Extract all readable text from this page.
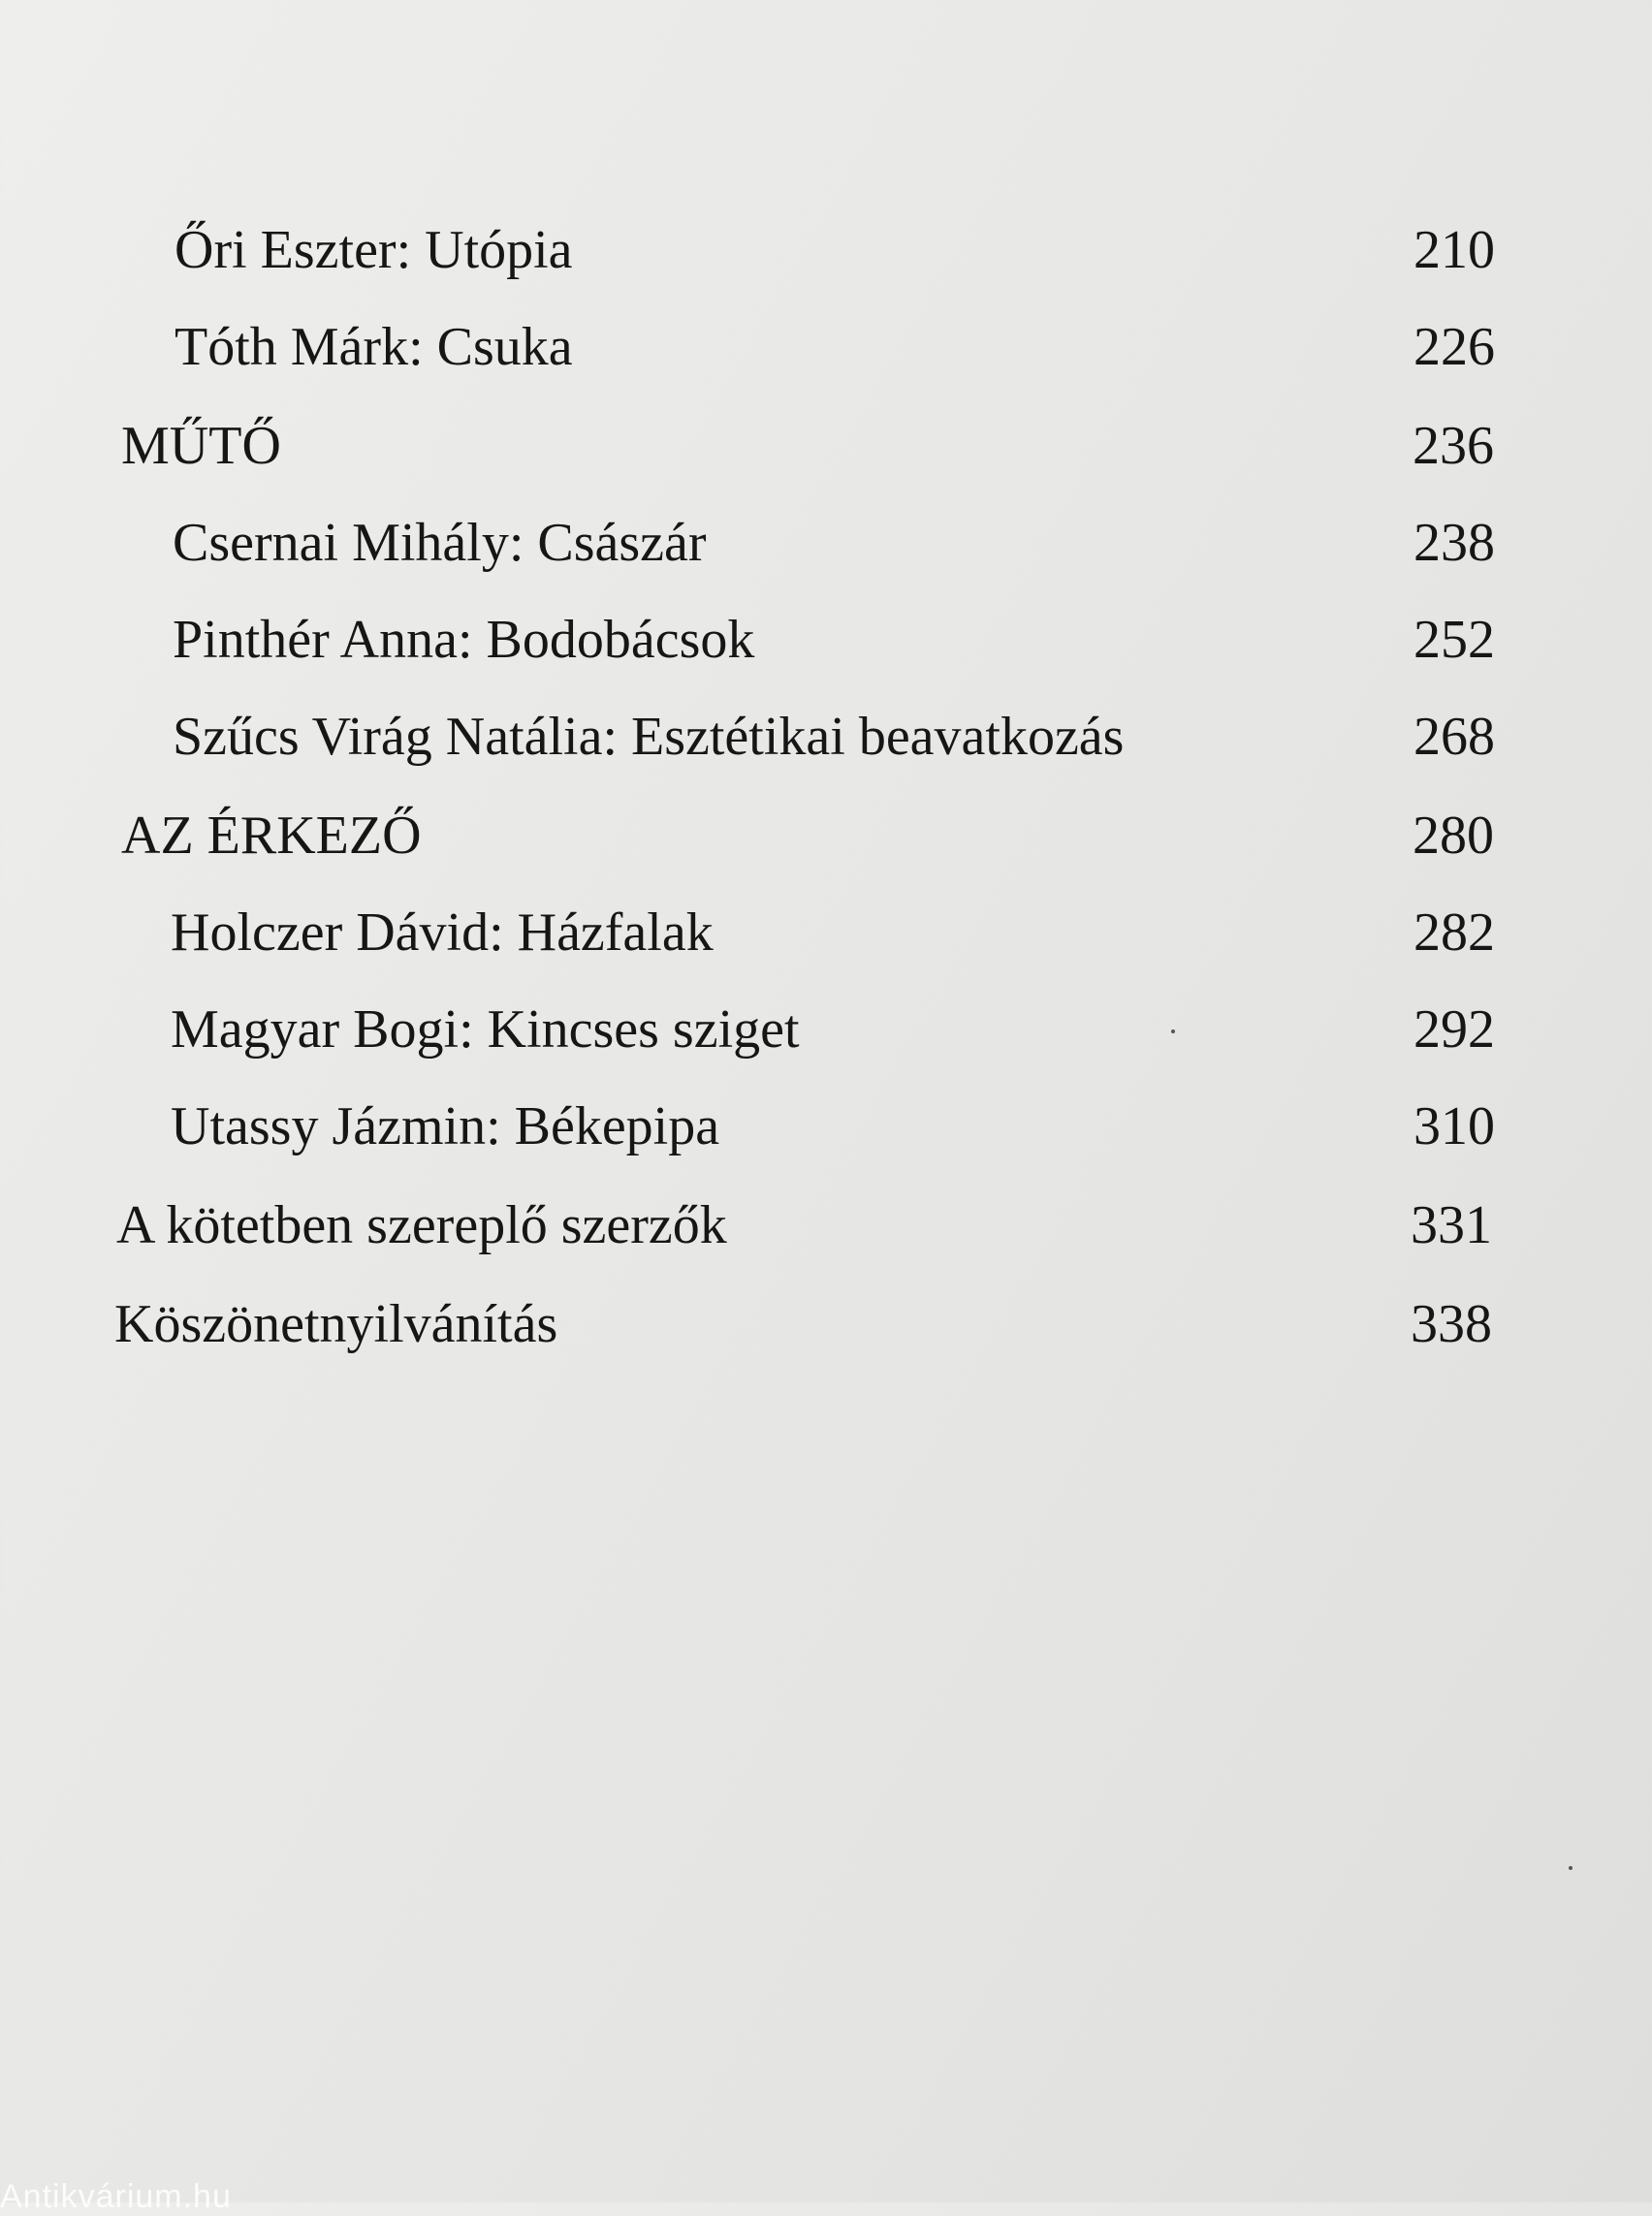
Őri Eszter: Utópia	210
Tóth Márk: Csuka	226
MŰTŐ	236
Csernai Mihály: Császár	238
Pinthér Anna: Bodobácsok	252
Szűcs Virág Natália: Esztétikai beavatkozás	268
AZ ÉRKEZŐ	280
Holczer Dávid: Házfalak	282
Magyar Bogi: Kincses sziget	292
Utassy Jázmin: Békepipa	310
A kötetben szereplő szerzők	331
Köszönetnyilvánítás	338
Antikvárium.hu
